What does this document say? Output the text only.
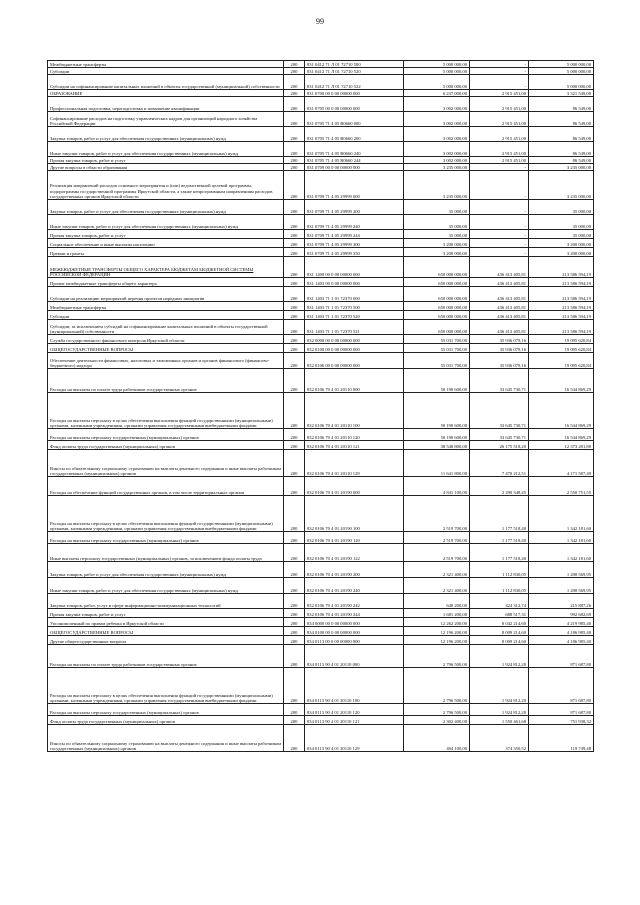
99
Межбюджетные трансферты	200	831 0412 71 Л 01 72710 500	5 000 000,00	-	5 000 000,00
Субсидии	200	831 0412 71 Л 01 72710 520	5 000 000,00	-	5 000 000,00
Субсидии на софинансирование капитальных вложений в объекты государственной (муниципальной) собственности	200	831 0412 71 Л 01 72710 522	5 000 000,00	-	5 000 000,00
ОБРАЗОВАНИЕ	200	831 0700 00 0 00 00000 000	6 237 000,00	2 915 451,00	3 321 549,00
Профессиональная подготовка, переподготовка и повышение квалификации	200	831 0705 00 0 00 00000 000	3 002 000,00	2 915 451,00	86 549,00
Софинансирование расходов на подготовку управленческих кадров для организаций народного хозяйства Российской Федерации	200	831 0705 71 4 05 R0660 000	3 002 000,00	2 915 451,00	86 549,00
Закупка товаров, работ и услуг для обеспечения государственных (муниципальных) нужд	200	831 0705 71 4 05 R0660 200	3 002 000,00	2 915 451,00	86 549,00
Иные закупки товаров, работ и услуг для обеспечения государственных (муниципальных) нужд	200	831 0705 71 4 05 R0660 240	3 002 000,00	2 915 451,00	86 549,00
Прочая закупка товаров, работ и услуг	200	831 0705 71 4 05 R0660 244	3 002 000,00	2 915 451,00	86 549,00
Другие вопросы в области образования	200	831 0709 00 0 00 00000 000	3 235 000,00	-	3 235 000,00
Реализация направлений расходов основного мероприятия и (или) ведомственной целевой программы, подпрограммы государственной программы Иркутской области, а также непрограммным направлениям расходов государственных органов Иркутской области	200	831 0709 71 4 05 29999 000	3 235 000,00	-	3 235 000,00
Закупка товаров, работ и услуг для обеспечения государственных (муниципальных) нужд	200	831 0709 71 4 05 29999 200	35 000,00	-	35 000,00
Иные закупки товаров, работ и услуг для обеспечения государственных (муниципальных) нужд	200	831 0709 71 4 05 29999 240	35 000,00	-	35 000,00
Прочая закупка товаров, работ и услуг	200	831 0709 71 4 05 29999 244	35 000,00	-	35 000,00
Социальное обеспечение и иные выплаты населению	200	831 0709 71 4 05 29999 300	3 200 000,00	-	3 200 000,00
Премии и гранты	200	831 0709 71 4 05 29999 350	3 200 000,00	-	3 200 000,00
МЕЖБЮДЖЕТНЫЕ ТРАНСФЕРТЫ ОБЩЕГО ХАРАКТЕРА БЮДЖЕТАМ БЮДЖЕТНОЙ СИСТЕМЫ РОССИЙСКОЙ ФЕДЕРАЦИИ	200	831 1400 00 0 00 00000 000	650 000 000,00	436 413 405,81	213 586 594,19
Прочие межбюджетные трансферты общего характера	200	831 1403 00 0 00 00000 000	650 000 000,00	436 413 405,81	213 586 594,19
Субсидии на реализацию мероприятий перечня проектов народных инициатив	200	831 1403 71 1 01 72370 000	650 000 000,00	436 413 405,81	213 586 594,19
Межбюджетные трансферты	200	831 1403 71 1 01 72370 500	650 000 000,00	436 413 405,81	213 586 594,19
Субсидии	200	831 1403 71 1 01 72370 520	650 000 000,00	436 413 405,81	213 586 594,19
Субсидии, за исключением субсидий на софинансирование капитальных вложений в объекты государственной (муниципальной) собственности	200	831 1403 71 1 01 72370 521	650 000 000,00	436 413 405,81	213 586 594,19
Служба государственного финансового контроля Иркутской области	200	832 0000 00 0 00 00000 000	55 031 700,00	35 936 079,16	19 095 620,84
ОБЩЕГОСУДАРСТВЕННЫЕ ВОПРОСЫ	200	832 0100 00 0 00 00000 000	55 031 700,00	35 936 079,16	19 095 620,84
Обеспечение деятельности финансовых, налоговых и таможенных органов и органов финансового (финансово-бюджетного) надзора	200	832 0106 00 0 00 00000 000	55 031 700,00	35 936 079,16	19 095 620,84
Расходы на выплаты по оплате труда работников государственных органов	200	832 0106 70 4 01 20110 000	50 190 600,00	33 645 730,71	16 544 869,29
Расходы на выплаты персоналу в целях обеспечения выполнения функций государственными (муниципальными) органами, казенными учреждениями, органами управления государственными внебюджетными фондами	200	832 0106 70 4 01 20110 100	50 190 600,00	33 645 730,71	16 544 869,29
Расходы на выплаты персоналу государственных (муниципальных) органов	200	832 0106 70 4 01 20110 120	50 190 600,00	33 645 730,71	16 544 869,29
Фонд оплаты труда государственных (муниципальных) органов	200	832 0106 70 4 01 20110 121	38 548 800,00	26 175 518,20	12 373 281,80
Взносы по обязательному социальному страхованию на выплаты денежного содержания и иные выплаты работникам государственных (муниципальных) органов	200	832 0106 70 4 01 20110 129	11 641 800,00	7 470 212,51	4 171 587,49
Расходы на обеспечение функций государственных органов, в том числе территориальных органов	200	832 0106 70 4 01 20190 000	4 841 100,00	2 290 348,45	2 550 751,55
Расходы на выплаты персоналу в целях обеспечения выполнения функций государственными (муниципальными) органами, казенными учреждениями, органами управления государственными внебюджетными фондами	200	832 0106 70 4 01 20190 100	2 519 700,00	1 177 518,40	1 342 181,60
Расходы на выплаты персоналу государственных (муниципальных) органов	200	832 0106 70 4 01 20190 120	2 519 700,00	1 177 518,40	1 342 181,60
Иные выплаты персоналу государственных (муниципальных) органов, за исключением фонда оплаты труда	200	832 0106 70 4 01 20190 122	2 519 700,00	1 177 518,40	1 342 181,60
Закупка товаров, работ и услуг для обеспечения государственных (муниципальных) нужд	200	832 0106 70 4 01 20190 200	2 321 400,00	1 112 830,05	1 208 569,95
Иные закупки товаров, работ и услуг для обеспечения государственных (муниципальных) нужд	200	832 0106 70 4 01 20190 240	2 321 400,00	1 112 830,05	1 208 569,95
Закупка товаров, работ, услуг в сфере информационно-коммуникационных технологий	200	832 0106 70 4 01 20190 242	640 200,00	424 312,74	215 887,26
Прочая закупка товаров, работ и услуг	200	832 0106 70 4 01 20190 244	1 681 200,00	688 517,31	992 682,69
Уполномоченный по правам ребенка в Иркутской области	200	834 0000 00 0 00 00000 000	12 262 200,00	8 042 214,60	4 219 985,40
ОБЩЕГОСУДАРСТВЕННЫЕ ВОПРОСЫ	200	834 0100 00 0 00 00000 000	12 196 200,00	8 009 214,60	4 186 985,40
Другие общегосударственные вопросы	200	834 0113 00 0 00 00000 000	12 196 200,00	8 009 214,60	4 186 985,40
Расходы на выплаты по оплате труда работников государственных органов	200	834 0113 90 4 01 20110 000	2 796 500,00	1 924 812,20	871 687,80
Расходы на выплаты персоналу в целях обеспечения выполнения функций государственными (муниципальными) органами, казенными учреждениями, органами управления государственными внебюджетными фондами	200	834 0113 90 4 01 20110 100	2 796 500,00	1 924 812,20	871 687,80
Расходы на выплаты персоналу государственных (муниципальных) органов	200	834 0113 90 4 01 20110 120	2 796 500,00	1 924 812,20	871 687,80
Фонд оплаты труда государственных (муниципальных) органов	200	834 0113 90 4 01 20110 121	2 302 400,00	1 550 461,68	751 938,32
Взносы по обязательному социальному страхованию на выплаты денежного содержания и иные выплаты работникам государственных (муниципальных) органов	200	834 0113 90 4 01 20110 129	494 100,00	374 350,52	119 749,48
